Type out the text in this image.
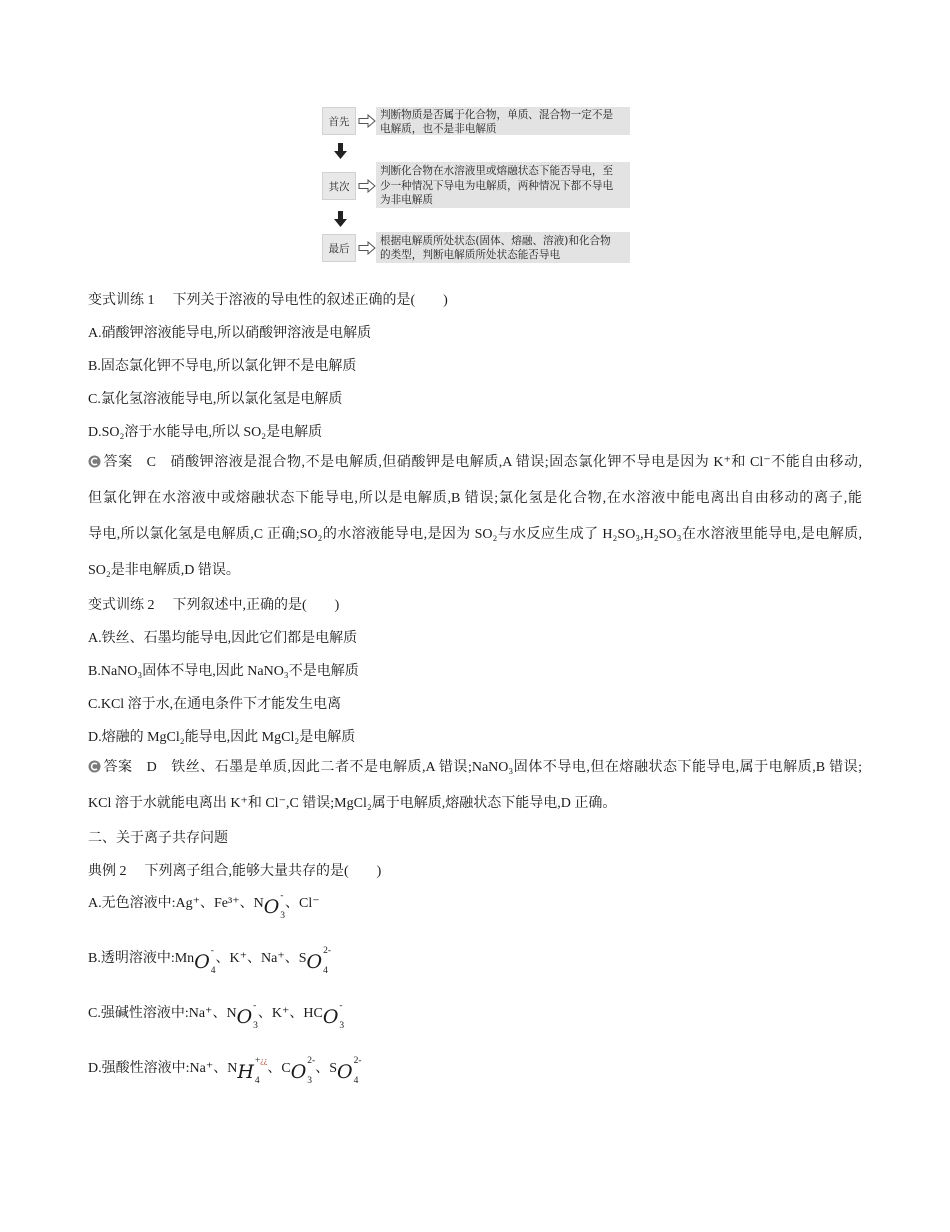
首先
判断物质是否属于化合物，单质、混合物一定不是
电解质，也不是非电解质
其次
判断化合物在水溶液里或熔融状态下能否导电，至
少一种情况下导电为电解质，两种情况下都不导电
为非电解质
最后
根据电解质所处状态(固体、熔融、溶液)和化合物
的类型，判断电解质所处状态能否导电
变式训练 1 下列关于溶液的导电性的叙述正确的是(　　)
A.硝酸钾溶液能导电,所以硝酸钾溶液是电解质
B.固态氯化钾不导电,所以氯化钾不是电解质
C.氯化氢溶液能导电,所以氯化氢是电解质
D.SO₂溶于水能导电,所以 SO₂是电解质
答案 C 硝酸钾溶液是混合物,不是电解质,但硝酸钾是电解质,A 错误;固态氯化钾不导电是因为 K⁺和 Cl⁻不能自由移动,
但氯化钾在水溶液中或熔融状态下能导电,所以是电解质,B 错误;氯化氢是化合物,在水溶液中能电离出自由移动的离子,能
导电,所以氯化氢是电解质,C 正确;SO₂的水溶液能导电,是因为 SO₂与水反应生成了 H₂SO₃,H₂SO₃在水溶液里能导电,是电解质,
SO₂是非电解质,D 错误。
变式训练 2 下列叙述中,正确的是(　　)
A.铁丝、石墨均能导电,因此它们都是电解质
B.NaNO₃固体不导电,因此 NaNO₃不是电解质
C.KCl 溶于水,在通电条件下才能发生电离
D.熔融的 MgCl₂能导电,因此 MgCl₂是电解质
答案 D 铁丝、石墨是单质,因此二者不是电解质,A 错误;NaNO₃固体不导电,但在熔融状态下能导电,属于电解质,B 错误;
KCl 溶于水就能电离出 K⁺和 Cl⁻,C 错误;MgCl₂属于电解质,熔融状态下能导电,D 正确。
二、关于离子共存问题
典例 2 下列离子组合,能够大量共存的是(　　)
A.无色溶液中:Ag⁺、Fe³⁺、N O -
3
、Cl⁻
B.透明溶液中:Mn O -
4
、K⁺、Na⁺、S O 2-
4
C.强碱性溶液中:Na⁺、N O -
3
、K⁺、HC O -
3
D.强酸性溶液中:Na⁺、N H +¿¿
4
、C O 2-
3
、S O 2-
4
